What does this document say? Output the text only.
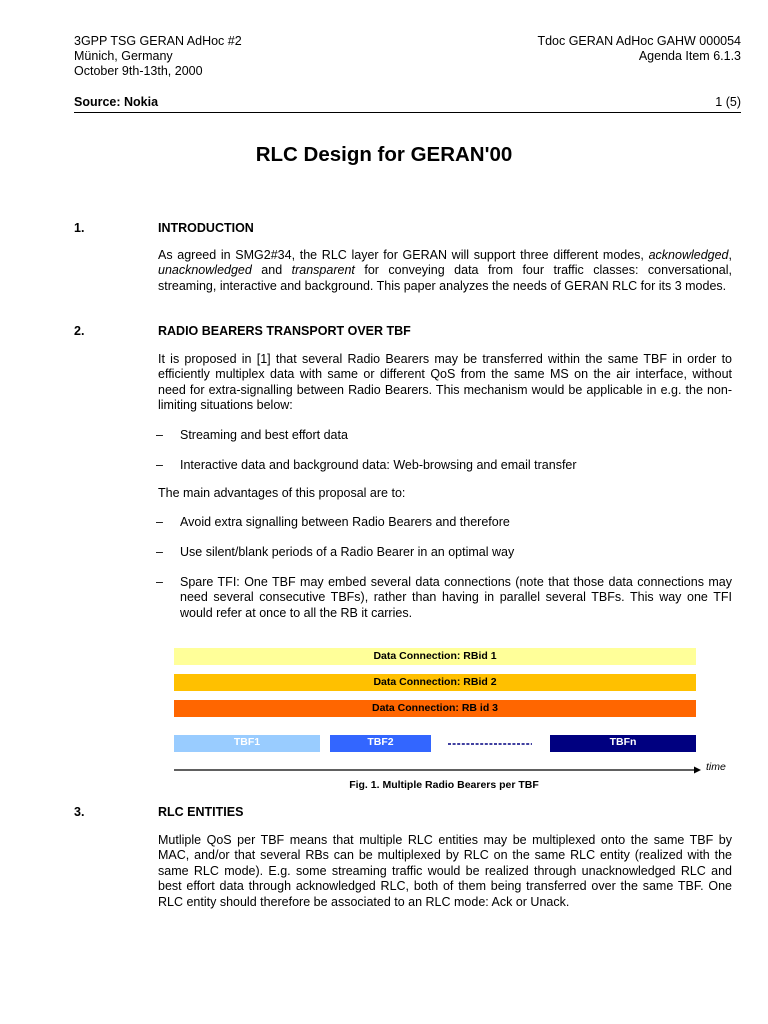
3GPP TSG GERAN AdHoc #2
Münich, Germany
October 9th-13th, 2000
Tdoc GERAN AdHoc GAHW 000054
Agenda Item 6.1.3
Source: Nokia	1 (5)
RLC Design for GERAN'00
1.	INTRODUCTION
As agreed in SMG2#34, the RLC layer for GERAN will support three different modes, acknowledged, unacknowledged and transparent for conveying data from four traffic classes: conversational, streaming, interactive and background. This paper analyzes the needs of GERAN RLC for its 3 modes.
2.	RADIO BEARERS TRANSPORT OVER TBF
It is proposed in [1] that several Radio Bearers may be transferred within the same TBF in order to efficiently multiplex data with same or different QoS from the same MS on the air interface, without need for extra-signalling between Radio Bearers. This mechanism would be applicable in e.g. the non-limiting situations below:
– Streaming and best effort data
– Interactive data and background data: Web-browsing and email transfer
The main advantages of this proposal are to:
– Avoid extra signalling between Radio Bearers and therefore
– Use silent/blank periods of a Radio Bearer in an optimal way
– Spare TFI: One TBF may embed several data connections (note that those data connections may need several consecutive TBFs), rather than having in parallel several TBFs. This way one TFI would refer at once to all the RB it carries.
Data Connection: RBid 1
Data Connection: RBid 2
Data Connection: RB id 3
TBF1	TBF2	TBFn
time
Fig. 1. Multiple Radio Bearers per TBF
3.	RLC ENTITIES
Mutliple QoS per TBF means that multiple RLC entities may be multiplexed onto the same TBF by MAC, and/or that several RBs can be multiplexed by RLC on the same RLC entity (realized with the same RLC mode). E.g. some streaming traffic would be realized through unacknowledged RLC and best effort data through acknowledged RLC, both of them being transferred over the same TBF. One RLC entity should therefore be associated to an RLC mode: Ack or Unack.
